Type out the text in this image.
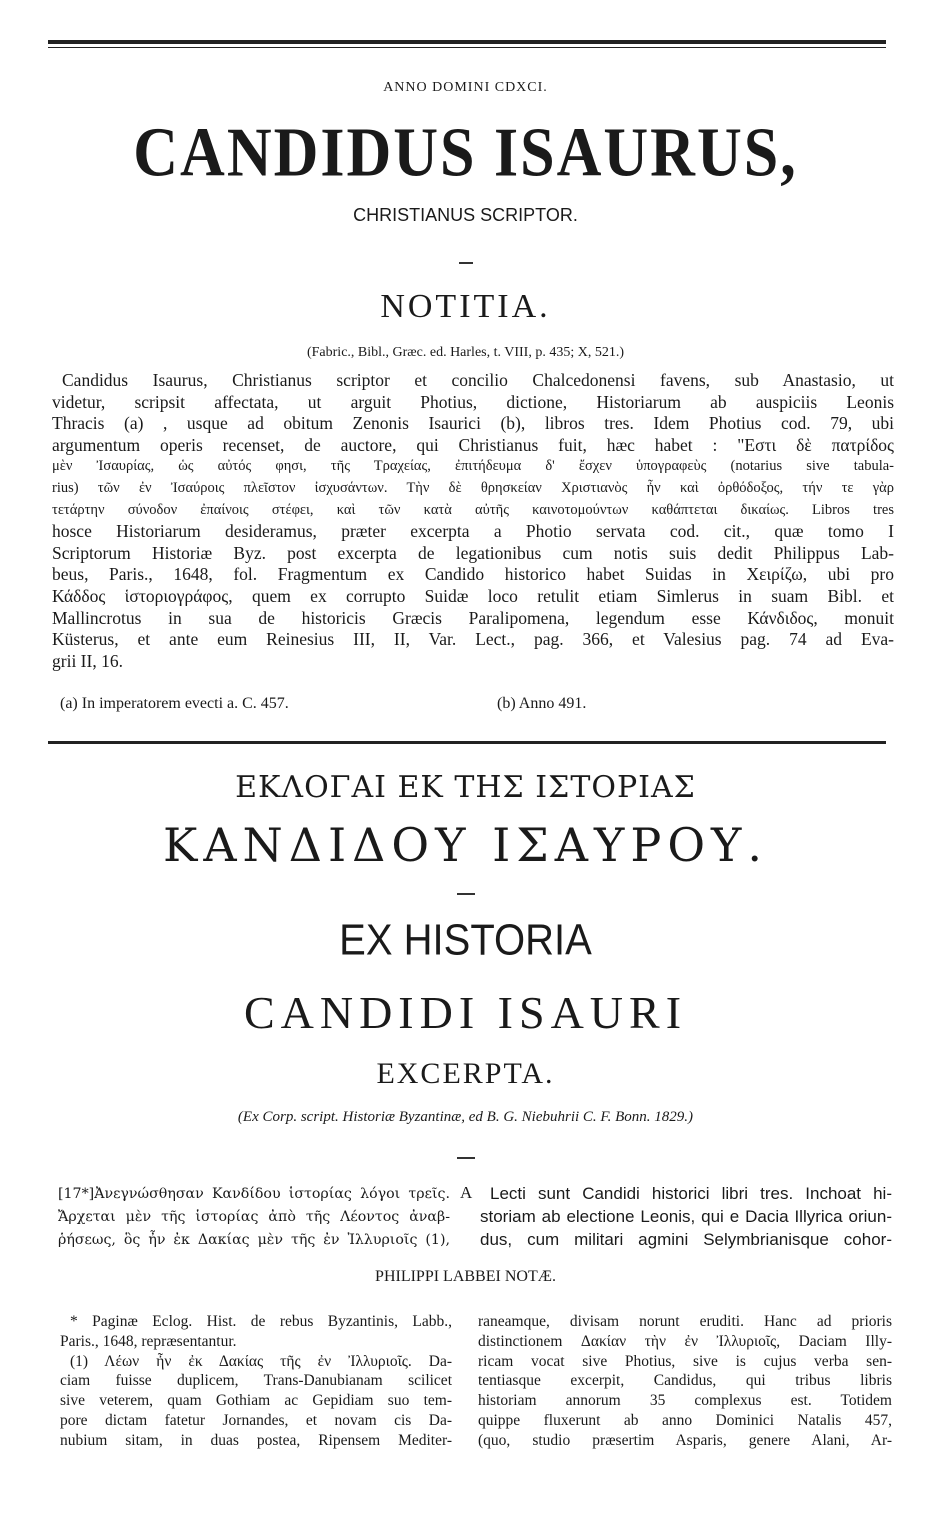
ANNO DOMINI CDXCI.
CANDIDUS ISAURUS,
CHRISTIANUS SCRIPTOR.
NOTITIA.
(Fabric., Bibl., Græc. ed. Harles, t. VIII, p. 435; X, 521.)
Candidus Isaurus, Christianus scriptor et concilio Chalcedonensi favens, sub Anastasio, ut
videtur, scripsit affectata, ut arguit Photius, dictione, Historiarum ab auspiciis Leonis
Thracis (a) , usque ad obitum Zenonis Isaurici (b), libros tres. Idem Photius cod. 79, ubi
argumentum operis recenset, de auctore, qui Christianus fuit, hæc habet : "Εστι δὲ πατρίδος
μὲν Ἰσαυρίας, ὡς αὐτός φησι, τῆς Τραχείας, ἐπιτήδευμα δ' ἔσχεν ὑπογραφεὺς (notarius sive tabula-
rius) τῶν ἐν Ἰσαύροις πλεῖστον ἰσχυσάντων. Τὴν δὲ θρησκείαν Χριστιανὸς ἦν καὶ ὀρθόδοξος, τήν τε γὰρ
τετάρτην σύνοδον ἐπαίνοις στέφει, καὶ τῶν κατὰ αὐτῆς καινοτομούντων καθάπτεται δικαίως. Libros tres
hosce Historiarum desideramus, præter excerpta a Photio servata cod. cit., quæ tomo I
Scriptorum Historiæ Byz. post excerpta de legationibus cum notis suis dedit Philippus Lab-
beus, Paris., 1648, fol. Fragmentum ex Candido historico habet Suidas in Χειρίζω, ubi pro
Κάδδος ἱστοριογράφος, quem ex corrupto Suidæ loco retulit etiam Simlerus in suam Bibl. et
Mallincrotus in sua de historicis Græcis Paralipomena, legendum esse Κάνδιδος, monuit
Küsterus, et ante eum Reinesius III, II, Var. Lect., pag. 366, et Valesius pag. 74 ad Eva-
grii II, 16.
(a) In imperatorem evecti a. C. 457.	(b) Anno 491.
ΕΚΛΟΓΑΙ ΕΚ ΤΗΣ ΙΣΤΟΡΙΑΣ
ΚΑΝΔΙΔΟΥ ΙΣΑΥΡΟΥ.
EX HISTORIA
CANDIDI ISAURI
EXCERPTA.
(Ex Corp. script. Historiæ Byzantinæ, ed B. G. Niebuhrii C. F. Bonn. 1829.)
[17*]Ἀνεγνώσθησαν Κανδίδου ἱστορίας λόγοι τρεῖς.
Ἄρχεται μὲν τῆς ἱστορίας ἀπὸ τῆς Λέοντος ἀναβ-
ῥήσεως, ὃς ἦν ἐκ Δακίας μὲν τῆς ἐν Ἰλλυριοῖς (1),
A	Lecti sunt Candidi historici libri tres. Inchoat hi-
storiam ab electione Leonis, qui e Dacia Illyrica oriun-
dus, cum militari agmini Selymbrianisque cohor-
PHILIPPI LABBEI NOTÆ.
* Paginæ Eclog. Hist. de rebus Byzantinis, Labb.,
Paris., 1648, repræsentantur.
(1) Λέων ἦν ἐκ Δακίας τῆς ἐν Ἰλλυριοῖς. Da-
ciam fuisse duplicem, Trans-Danubianam scilicet
sive veterem, quam Gothiam ac Gepidiam suo tem-
pore dictam fatetur Jornandes, et novam cis Da-
nubium sitam, in duas postea, Ripensem Mediter-
raneamque, divisam norunt eruditi. Hanc ad prioris
distinctionem Δακίαν τὴν ἐν Ἰλλυριοῖς, Daciam Illy-
ricam vocat sive Photius, sive is cujus verba sen-
tentiasque excerpit, Candidus, qui tribus libris
historiam annorum 35 complexus est. Totidem
quippe fluxerunt ab anno Dominici Natalis 457,
(quo, studio præsertim Asparis, genere Alani, Ar-
